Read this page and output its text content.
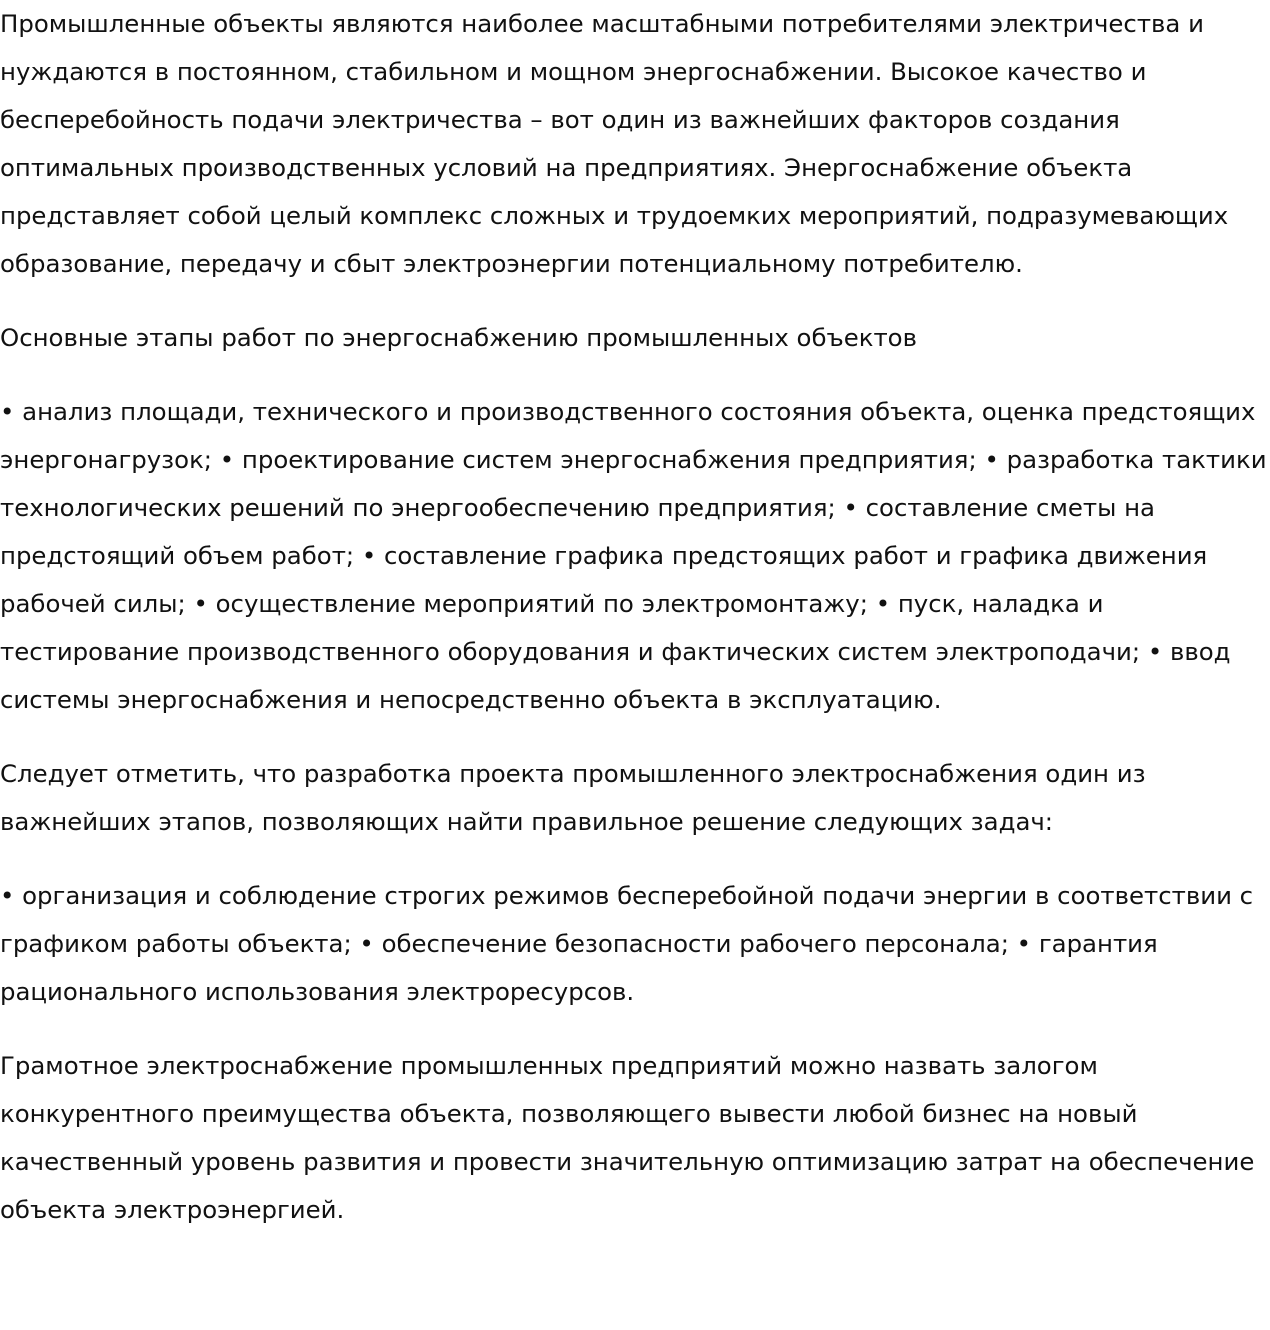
Промышленные объекты являются наиболее масштабными потребителями электричества и нуждаются в постоянном, стабильном и мощном энергоснабжении. Высокое качество и бесперебойность подачи электричества – вот один из важнейших факторов создания оптимальных производственных условий на предприятиях. Энергоснабжение объекта представляет собой целый комплекс сложных и трудоемких мероприятий, подразумевающих образование, передачу и сбыт электроэнергии потенциальному потребителю.

Основные этапы работ по энергоснабжению промышленных объектов

• анализ площади, технического и производственного состояния объекта, оценка предстоящих энергонагрузок; • проектирование систем энергоснабжения предприятия; • разработка тактики технологических решений по энергообеспечению предприятия; • составление сметы на предстоящий объем работ; • составление графика предстоящих работ и графика движения рабочей силы; • осуществление мероприятий по электромонтажу; • пуск, наладка и тестирование производственного оборудования и фактических систем электроподачи; • ввод системы энергоснабжения и непосредственно объекта в эксплуатацию.

Следует отметить, что разработка проекта промышленного электроснабжения один из важнейших этапов, позволяющих найти правильное решение следующих задач:

• организация и соблюдение строгих режимов бесперебойной подачи энергии в соответствии с графиком работы объекта; • обеспечение безопасности рабочего персонала; • гарантия рационального использования электроресурсов.

Грамотное электроснабжение промышленных предприятий можно назвать залогом конкурентного преимущества объекта, позволяющего вывести любой бизнес на новый качественный уровень развития и провести значительную оптимизацию затрат на обеспечение объекта электроэнергией.
